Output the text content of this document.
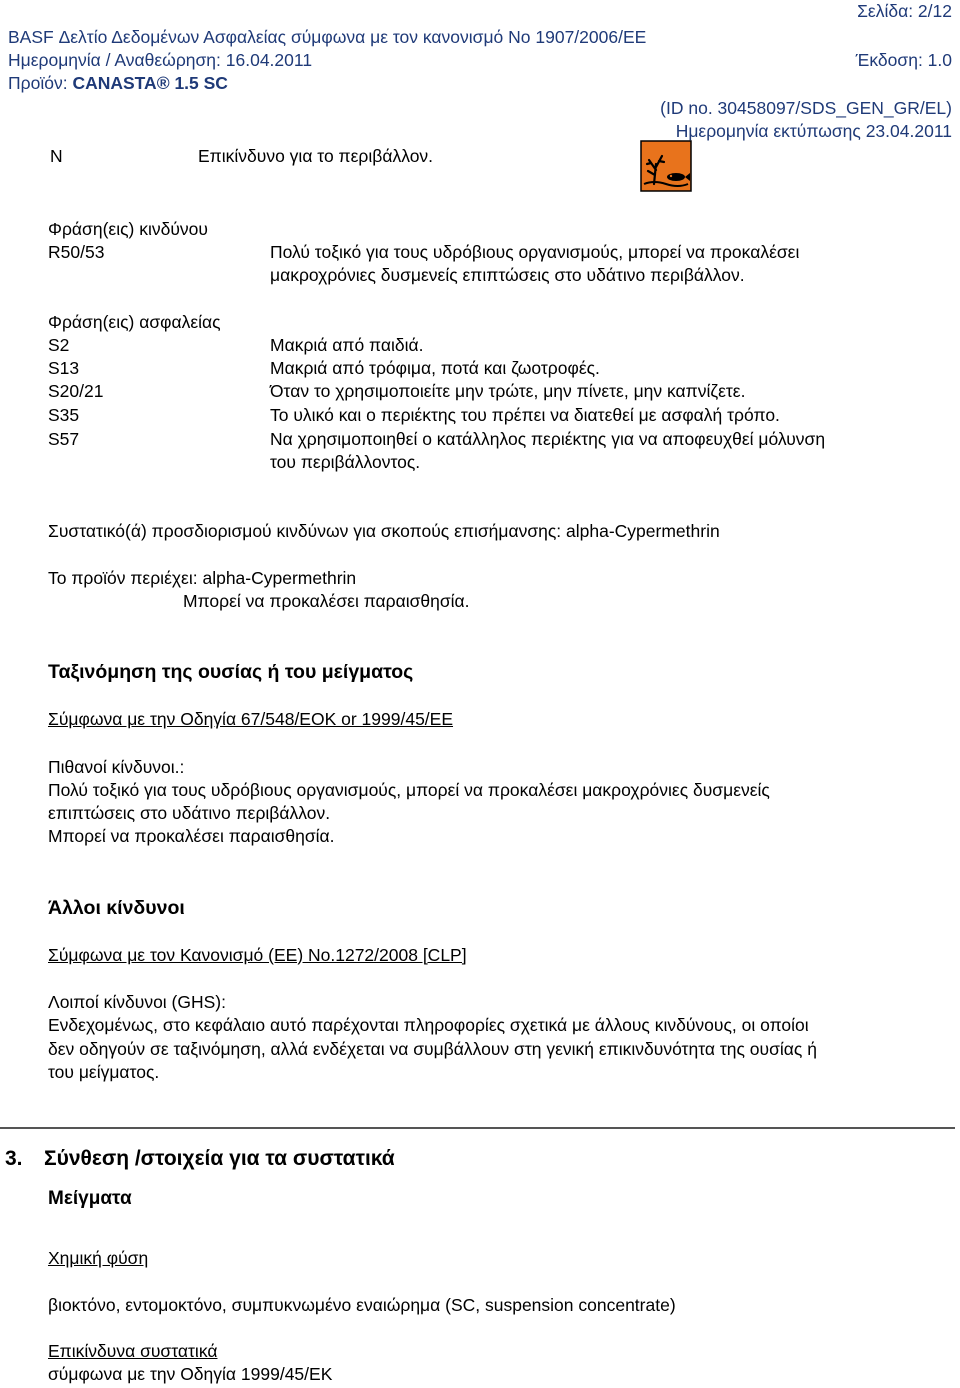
Σελίδα: 2/12
BASF Δελτίο Δεδομένων Ασφαλείας σύμφωνα με τον κανονισμό Νο 1907/2006/ΕΕ
Ημερομηνία / Αναθεώρηση: 16.04.2011	Έκδοση: 1.0
Προϊόν: CANASTA® 1.5 SC
(ID no. 30458097/SDS_GEN_GR/EL)
Ημερομηνία εκτύπωσης 23.04.2011
N	Επικίνδυνο για το περιβάλλον.
Φράση(εις) κινδύνου
R50/53	Πολύ τοξικό για τους υδρόβιους οργανισμούς, μπορεί να προκαλέσει
μακροχρόνιες δυσμενείς επιπτώσεις στο υδάτινο περιβάλλον.
Φράση(εις) ασφαλείας
S2	Μακριά από παιδιά.
S13	Μακριά από τρόφιμα, ποτά και ζωοτροφές.
S20/21	Όταν το χρησιμοποιείτε μην τρώτε, μην πίνετε, μην καπνίζετε.
S35	Το υλικό και ο περιέκτης του πρέπει να διατεθεί με ασφαλή τρόπο.
S57	Να χρησιμοποιηθεί ο κατάλληλος περιέκτης για να αποφευχθεί μόλυνση
του περιβάλλοντος.
Συστατικό(ά) προσδιορισμού κινδύνων για σκοπούς επισήμανσης: alpha-Cypermethrin
Το προϊόν περιέχει: alpha-Cypermethrin
Μπορεί να προκαλέσει παραισθησία.
Ταξινόμηση της ουσίας ή του μείγματος
Σύμφωνα με την Οδηγία 67/548/ΕΟΚ or 1999/45/ΕΕ
Πιθανοί κίνδυνοι.:
Πολύ τοξικό για τους υδρόβιους οργανισμούς, μπορεί να προκαλέσει μακροχρόνιες δυσμενείς
επιπτώσεις στο υδάτινο περιβάλλον.
Μπορεί να προκαλέσει παραισθησία.
Άλλοι κίνδυνοι
Σύμφωνα με τον Κανονισμό (ΕΕ) Νο.1272/2008 [CLP]
Λοιποί κίνδυνοι (GHS):
Ενδεχομένως, στο κεφάλαιο αυτό παρέχονται πληροφορίες σχετικά με άλλους κινδύνους, οι οποίοι
δεν οδηγούν σε ταξινόμηση, αλλά ενδέχεται να συμβάλλουν στη γενική επικινδυνότητα της ουσίας ή
του μείγματος.
3. Σύνθεση /στοιχεία για τα συστατικά
Μείγματα
Χημική φύση
βιοκτόνο, εντομοκτόνο, συμπυκνωμένο εναιώρημα (SC, suspension concentrate)
Επικίνδυνα συστατικά
σύμφωνα με την Οδηγία 1999/45/ΕΚ
